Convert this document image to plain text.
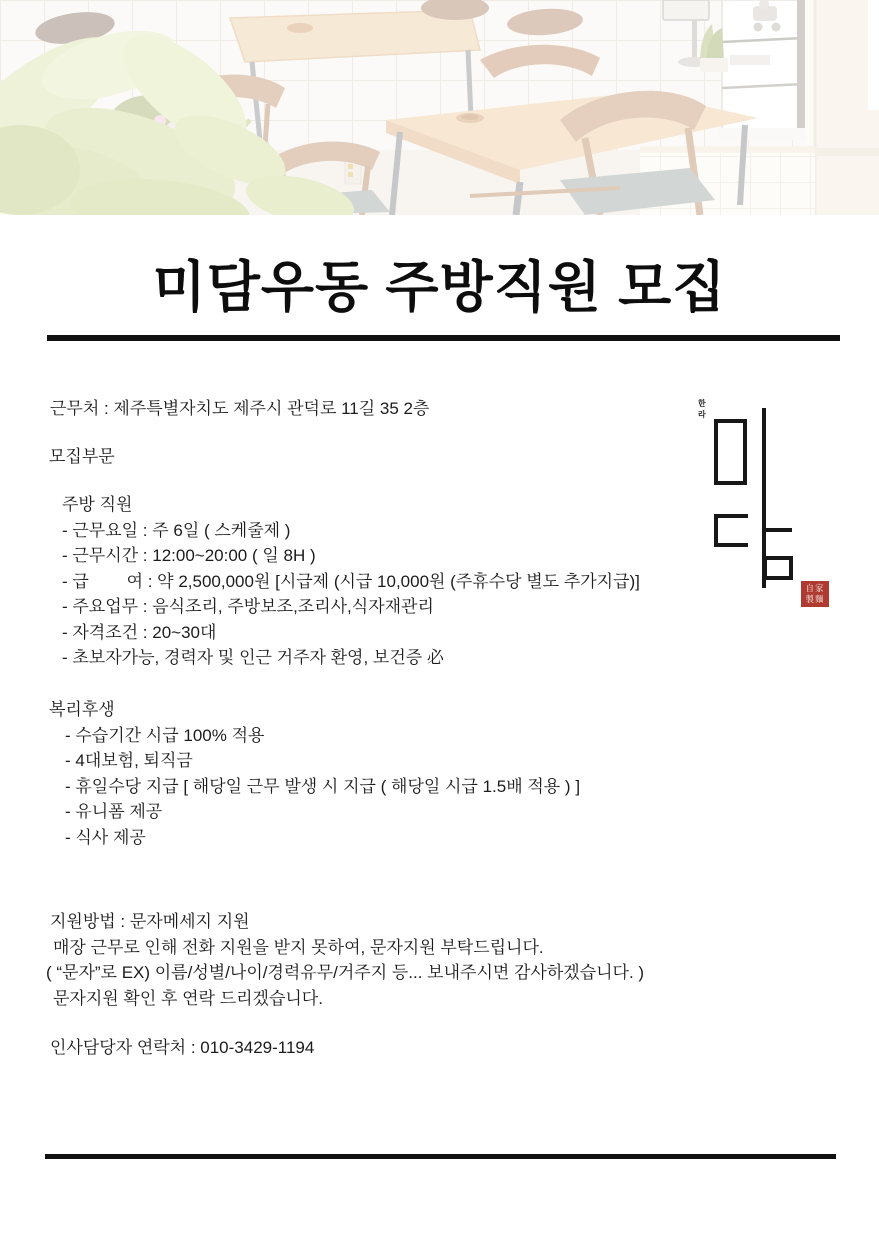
미담우동 주방직원 모집
근무처 : 제주특별자치도 제주시 관덕로 11길 35 2층
모집부문
주방 직원
- 근무요일 : 주 6일 ( 스케줄제 )
- 근무시간 : 12:00~20:00 ( 일 8H )
- 급        여 : 약 2,500,000원 [시급제 (시급 10,000원 (주휴수당 별도 추가지급)]
- 주요업무 : 음식조리, 주방보조,조리사,식자재관리
- 자격조건 : 20~30대
- 초보자가능, 경력자 및 인근 거주자 환영, 보건증 必
복리후생
- 수습기간 시급 100% 적용
- 4대보험, 퇴직금
- 휴일수당 지급 [ 해당일 근무 발생 시 지급 ( 해당일 시급 1.5배 적용 ) ]
- 유니폼 제공
- 식사 제공
지원방법 : 문자메세지 지원
매장 근무로 인해 전화 지원을 받지 못하여, 문자지원 부탁드립니다.
( “문자”로 EX) 이름/성별/나이/경력유무/거주지 등... 보내주시면 감사하겠습니다. )
문자지원 확인 후 연락 드리겠습니다.
인사담당자 연락처 : 010-3429-1194
한라
自家
製麵
